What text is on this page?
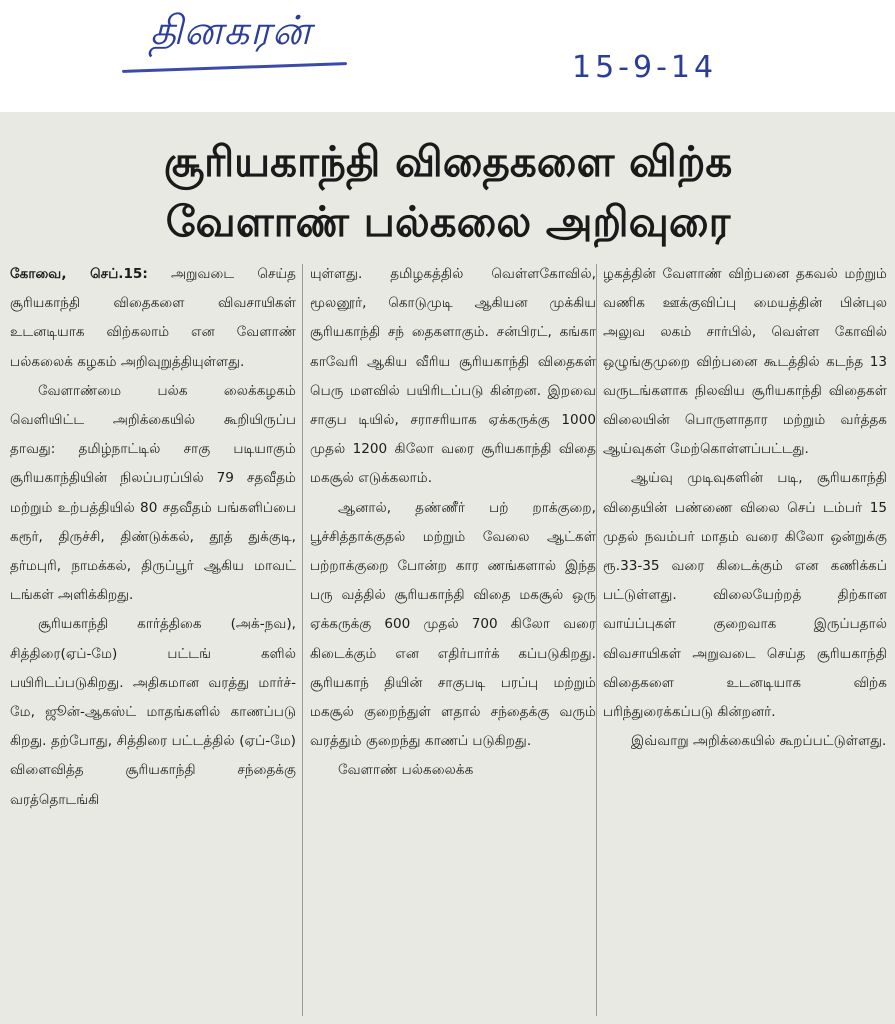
தினகரன்
15-9-14
சூரியகாந்தி விதைகளை விற்க
வேளாண் பல்கலை அறிவுரை

கோவை, செப்.15: அறுவடை செய்த சூரியகாந்தி விதைகளை விவசாயிகள் உடனடியாக விற்கலாம் என வேளாண் பல்கலைக் கழகம் அறிவுறுத்தியுள்ளது.

வேளாண்மை பல்க லைக்கழகம் வெளியிட்ட அறிக்கையில் கூறியிருப்ப தாவது: தமிழ்நாட்டில் சாகு படியாகும் சூரியகாந்தியின் நிலப்பரப்பில் 79 சதவீதம் மற்றும் உற்பத்தியில் 80 சதவீதம் பங்களிப்பை கரூர், திருச்சி, திண்டுக்கல், தூத் துக்குடி, தர்மபுரி, நாமக்கல், திருப்பூர் ஆகிய மாவட் டங்கள் அளிக்கிறது.

சூரியகாந்தி கார்த்திகை (அக்-நவ), சித்திரை(ஏப்-மே) பட்டங் களில் பயிரிடப்படுகிறது. அதிகமான வரத்து மார்ச்-மே, ஜூன்-ஆகஸ்ட் மாதங்களில் காணப்படு கிறது. தற்போது, சித்திரை பட்டத்தில் (ஏப்-மே) விளைவித்த சூரியகாந்தி சந்தைக்கு வரத்தொடங்கி

யுள்ளது. தமிழகத்தில் வெள்ளகோவில், மூலனூர், கொடுமுடி ஆகியன முக்கிய சூரியகாந்தி சந் தைகளாகும். சன்பிரட், கங்கா காவேரி ஆகிய வீரிய சூரியகாந்தி விதைகள் பெரு மளவில் பயிரிடப்படு கின்றன. இறவை சாகுப டியில், சராசரியாக ஏக்கருக்கு 1000 முதல் 1200 கிலோ வரை சூரியகாந்தி விதை மகசூல் எடுக்கலாம்.

ஆனால், தண்ணீர் பற் றாக்குறை, பூச்சித்தாக்குதல் மற்றும் வேலை ஆட்கள் பற்றாக்குறை போன்ற கார ணங்களால் இந்த பரு வத்தில் சூரியகாந்தி விதை மகசூல் ஒரு ஏக்கருக்கு 600 முதல் 700 கிலோ வரை கிடைக்கும் என எதிர்பார்க் கப்படுகிறது. சூரியகாந் தியின் சாகுபடி பரப்பு மற்றும் மகசூல் குறைந்துள் ளதால் சந்தைக்கு வரும் வரத்தும் குறைந்து காணப் படுகிறது.

வேளாண் பல்கலைக்க

ழகத்தின் வேளாண் விற்பனை தகவல் மற்றும் வணிக ஊக்குவிப்பு மையத்தின் பின்புல அலுவ லகம் சார்பில், வெள்ள கோவில் ஒழுங்குமுறை விற்பனை கூடத்தில் கடந்த 13 வருடங்களாக நிலவிய சூரியகாந்தி விதைகள் விலையின் பொருளாதார மற்றும் வர்த்தக ஆய்வுகள் மேற்கொள்ளப்பட்டது.

ஆய்வு முடிவுகளின் படி, சூரியகாந்தி விதையின் பண்ணை விலை செப் டம்பர் 15 முதல் நவம்பர் மாதம் வரை கிலோ ஒன்றுக்கு ரூ.33-35 வரை கிடைக்கும் என கணிக்கப் பட்டுள்ளது. விலையேற்றத் திற்கான வாய்ப்புகள் குறைவாக இருப்பதால் விவசாயிகள் அறுவடை செய்த சூரியகாந்தி விதைகளை உடனடியாக விற்க பரிந்துரைக்கப்படு கின்றனர்.

இவ்வாறு அறிக்கையில் கூறப்பட்டுள்ளது.
